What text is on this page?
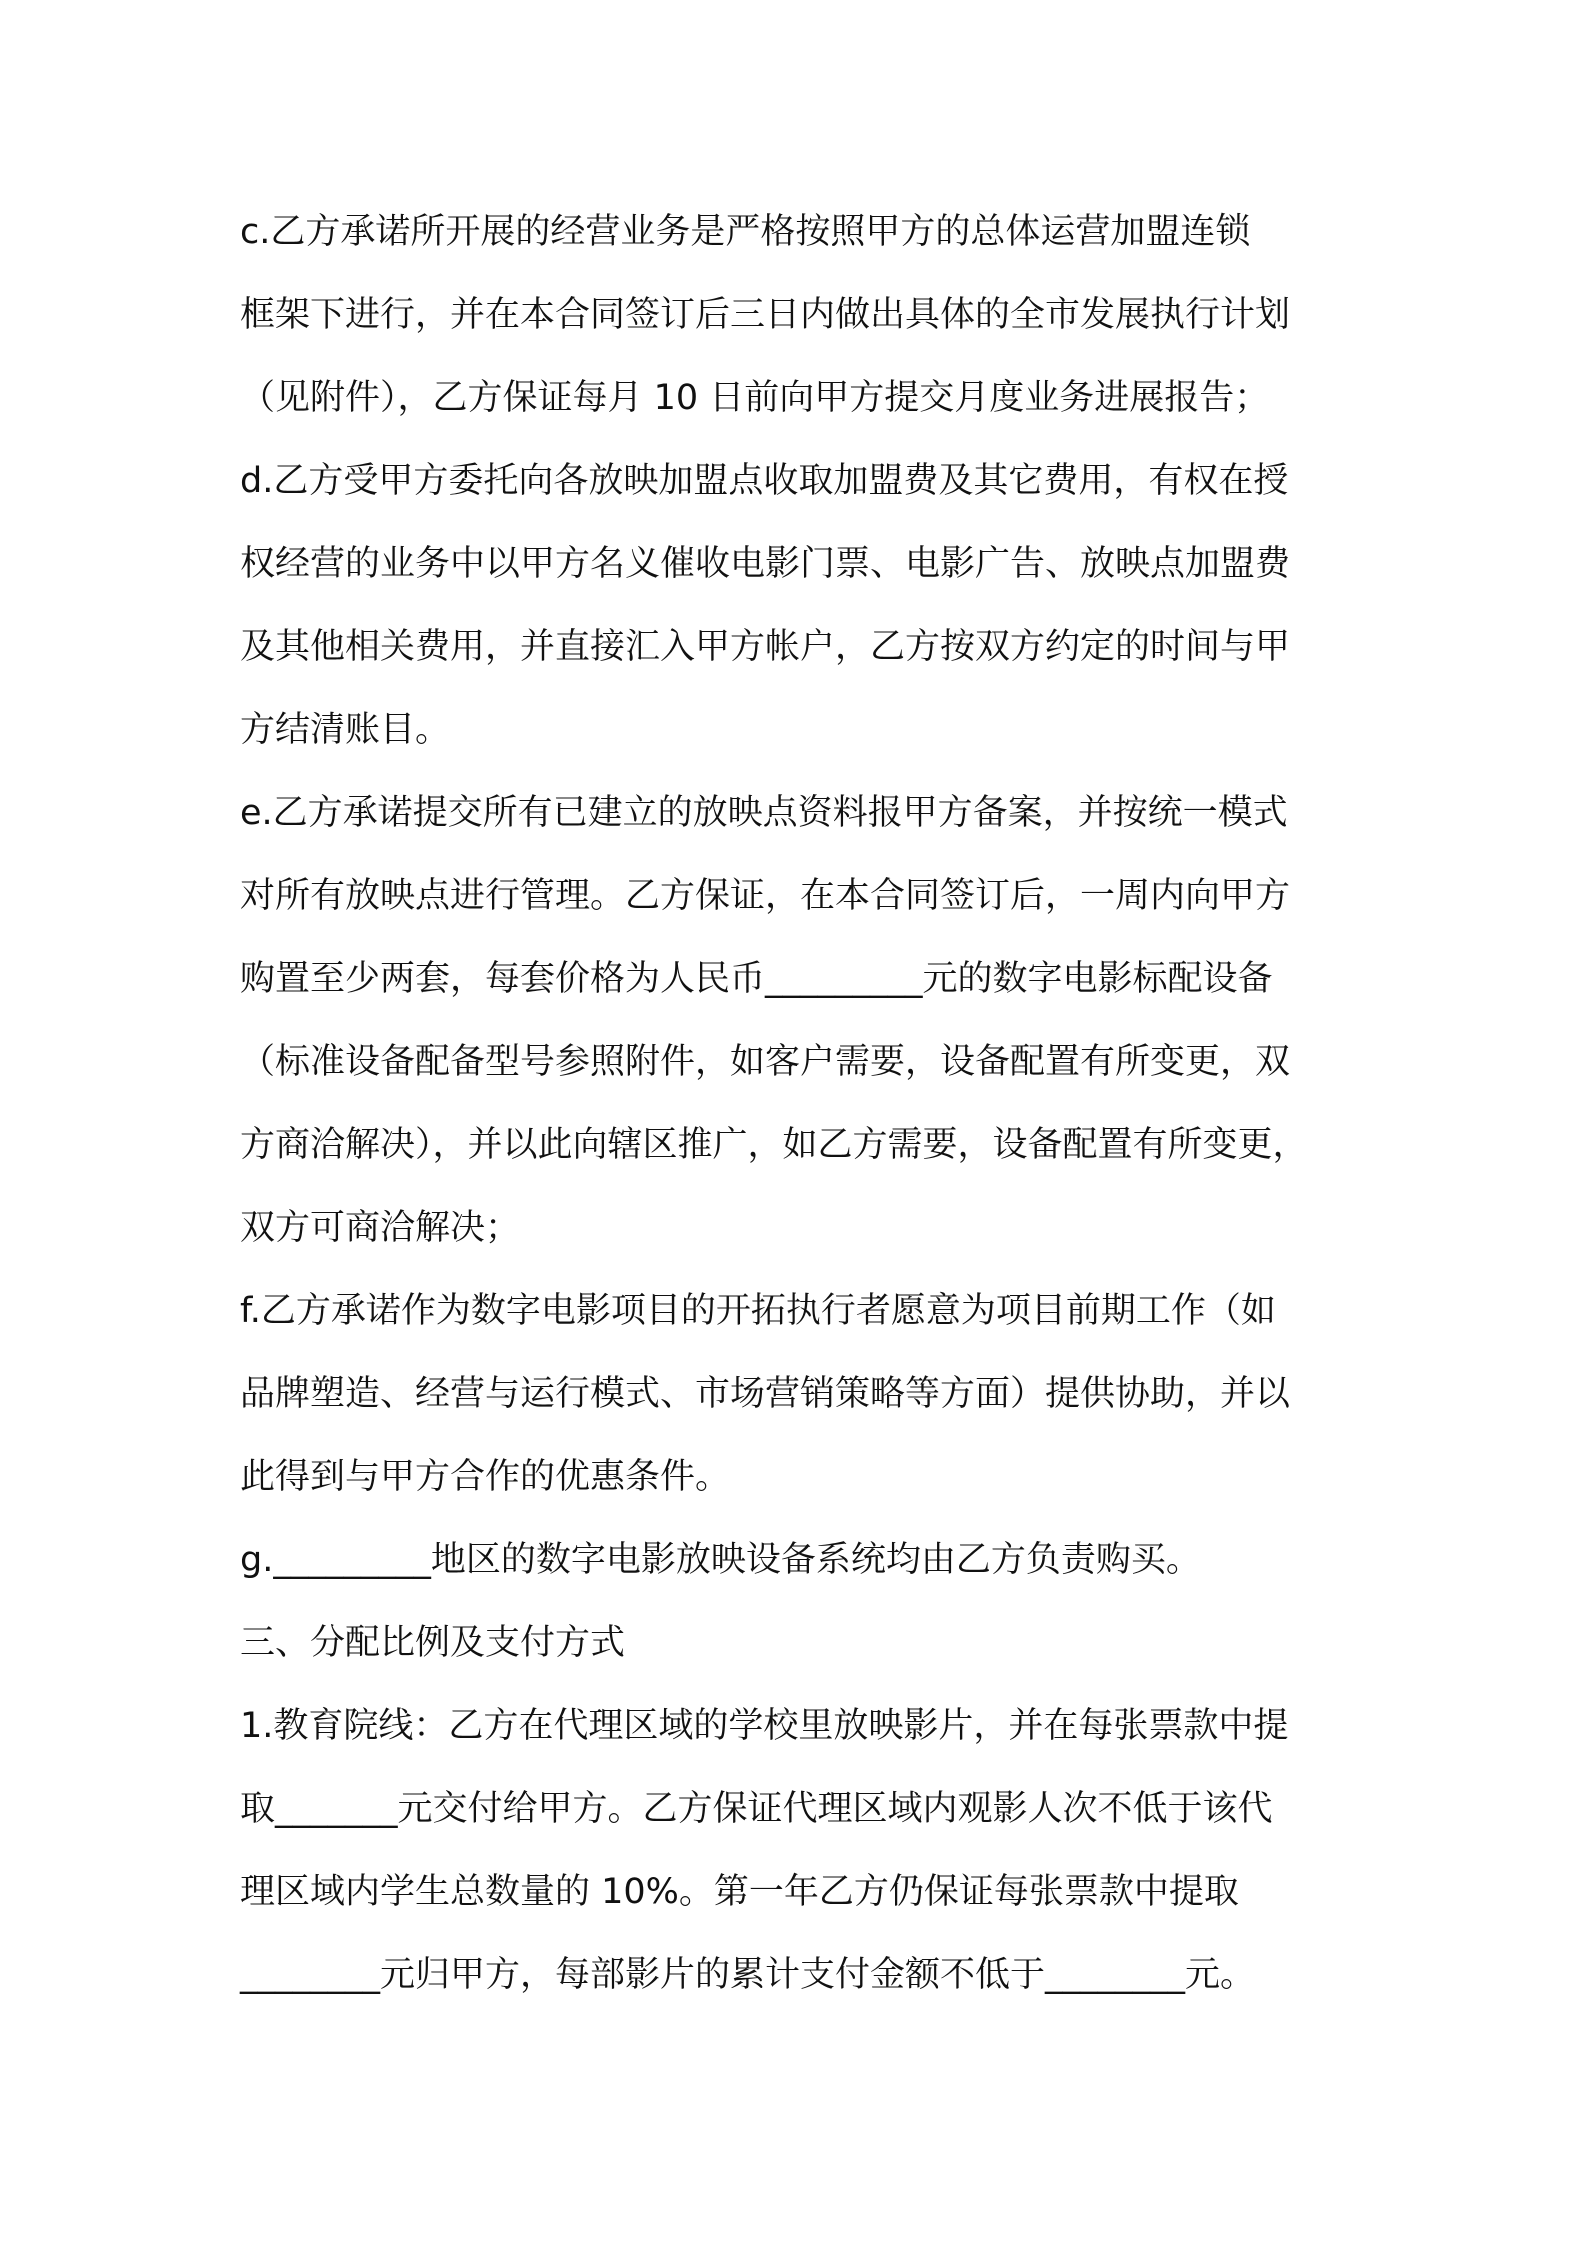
c.乙方承诺所开展的经营业务是严格按照甲方的总体运营加盟连锁
框架下进行，并在本合同签订后三日内做出具体的全市发展执行计划
（见附件），乙方保证每月 10 日前向甲方提交月度业务进展报告；
d.乙方受甲方委托向各放映加盟点收取加盟费及其它费用，有权在授
权经营的业务中以甲方名义催收电影门票、电影广告、放映点加盟费
及其他相关费用，并直接汇入甲方帐户，乙方按双方约定的时间与甲
方结清账目。
e.乙方承诺提交所有已建立的放映点资料报甲方备案，并按统一模式
对所有放映点进行管理。乙方保证，在本合同签订后，一周内向甲方
购置至少两套，每套价格为人民币_________元的数字电影标配设备
（标准设备配备型号参照附件，如客户需要，设备配置有所变更，双
方商洽解决），并以此向辖区推广，如乙方需要，设备配置有所变更，
双方可商洽解决；
f.乙方承诺作为数字电影项目的开拓执行者愿意为项目前期工作（如
品牌塑造、经营与运行模式、市场营销策略等方面）提供协助，并以
此得到与甲方合作的优惠条件。
g._________地区的数字电影放映设备系统均由乙方负责购买。
三、分配比例及支付方式
1.教育院线：乙方在代理区域的学校里放映影片，并在每张票款中提
取_______元交付给甲方。乙方保证代理区域内观影人次不低于该代
理区域内学生总数量的 10%。第一年乙方仍保证每张票款中提取
________元归甲方，每部影片的累计支付金额不低于________元。
